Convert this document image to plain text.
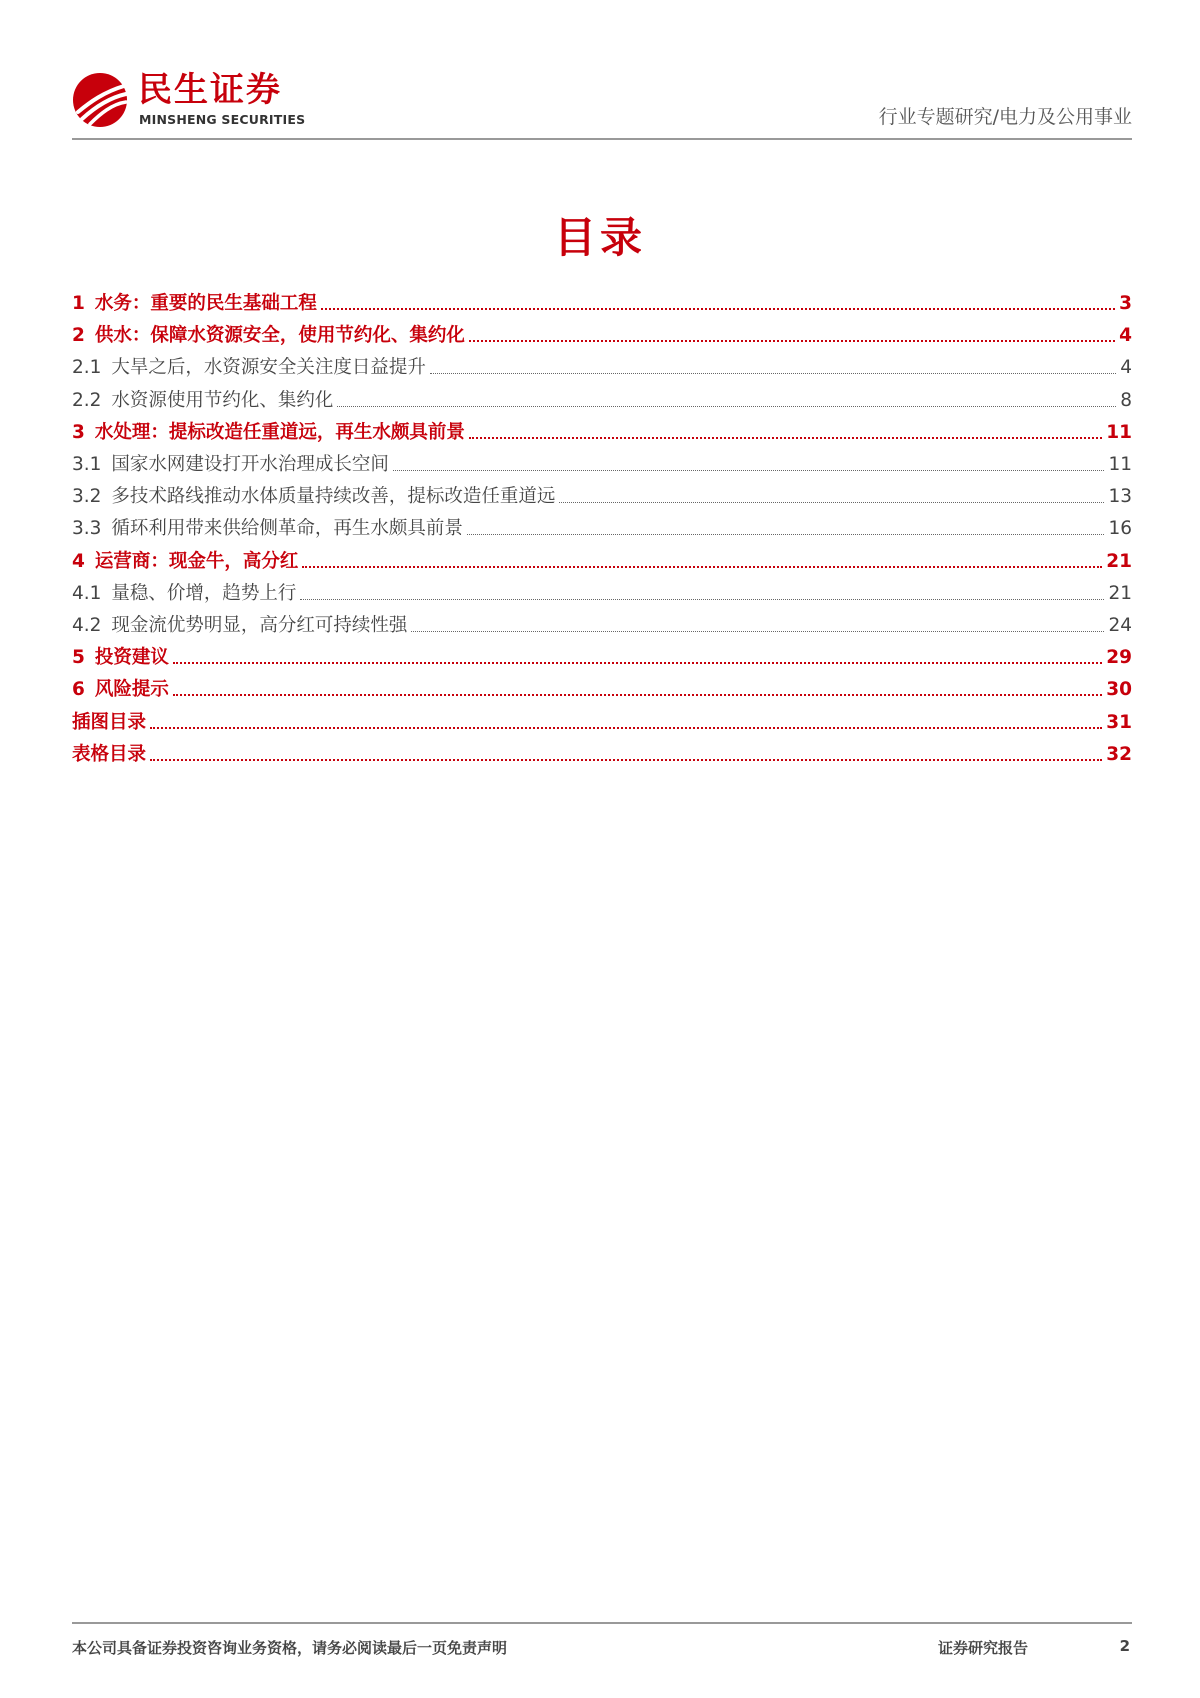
民生证券
MINSHENG SECURITIES	行业专题研究/电力及公用事业
目录
1 水务：重要的民生基础工程	3
2 供水：保障水资源安全，使用节约化、集约化	4
2.1 大旱之后，水资源安全关注度日益提升	4
2.2 水资源使用节约化、集约化	8
3 水处理：提标改造任重道远，再生水颇具前景	11
3.1 国家水网建设打开水治理成长空间	11
3.2 多技术路线推动水体质量持续改善，提标改造任重道远	13
3.3 循环利用带来供给侧革命，再生水颇具前景	16
4 运营商：现金牛，高分红	21
4.1 量稳、价增，趋势上行	21
4.2 现金流优势明显，高分红可持续性强	24
5 投资建议	29
6 风险提示	30
插图目录	31
表格目录	32
本公司具备证券投资咨询业务资格，请务必阅读最后一页免责声明	证券研究报告	2
